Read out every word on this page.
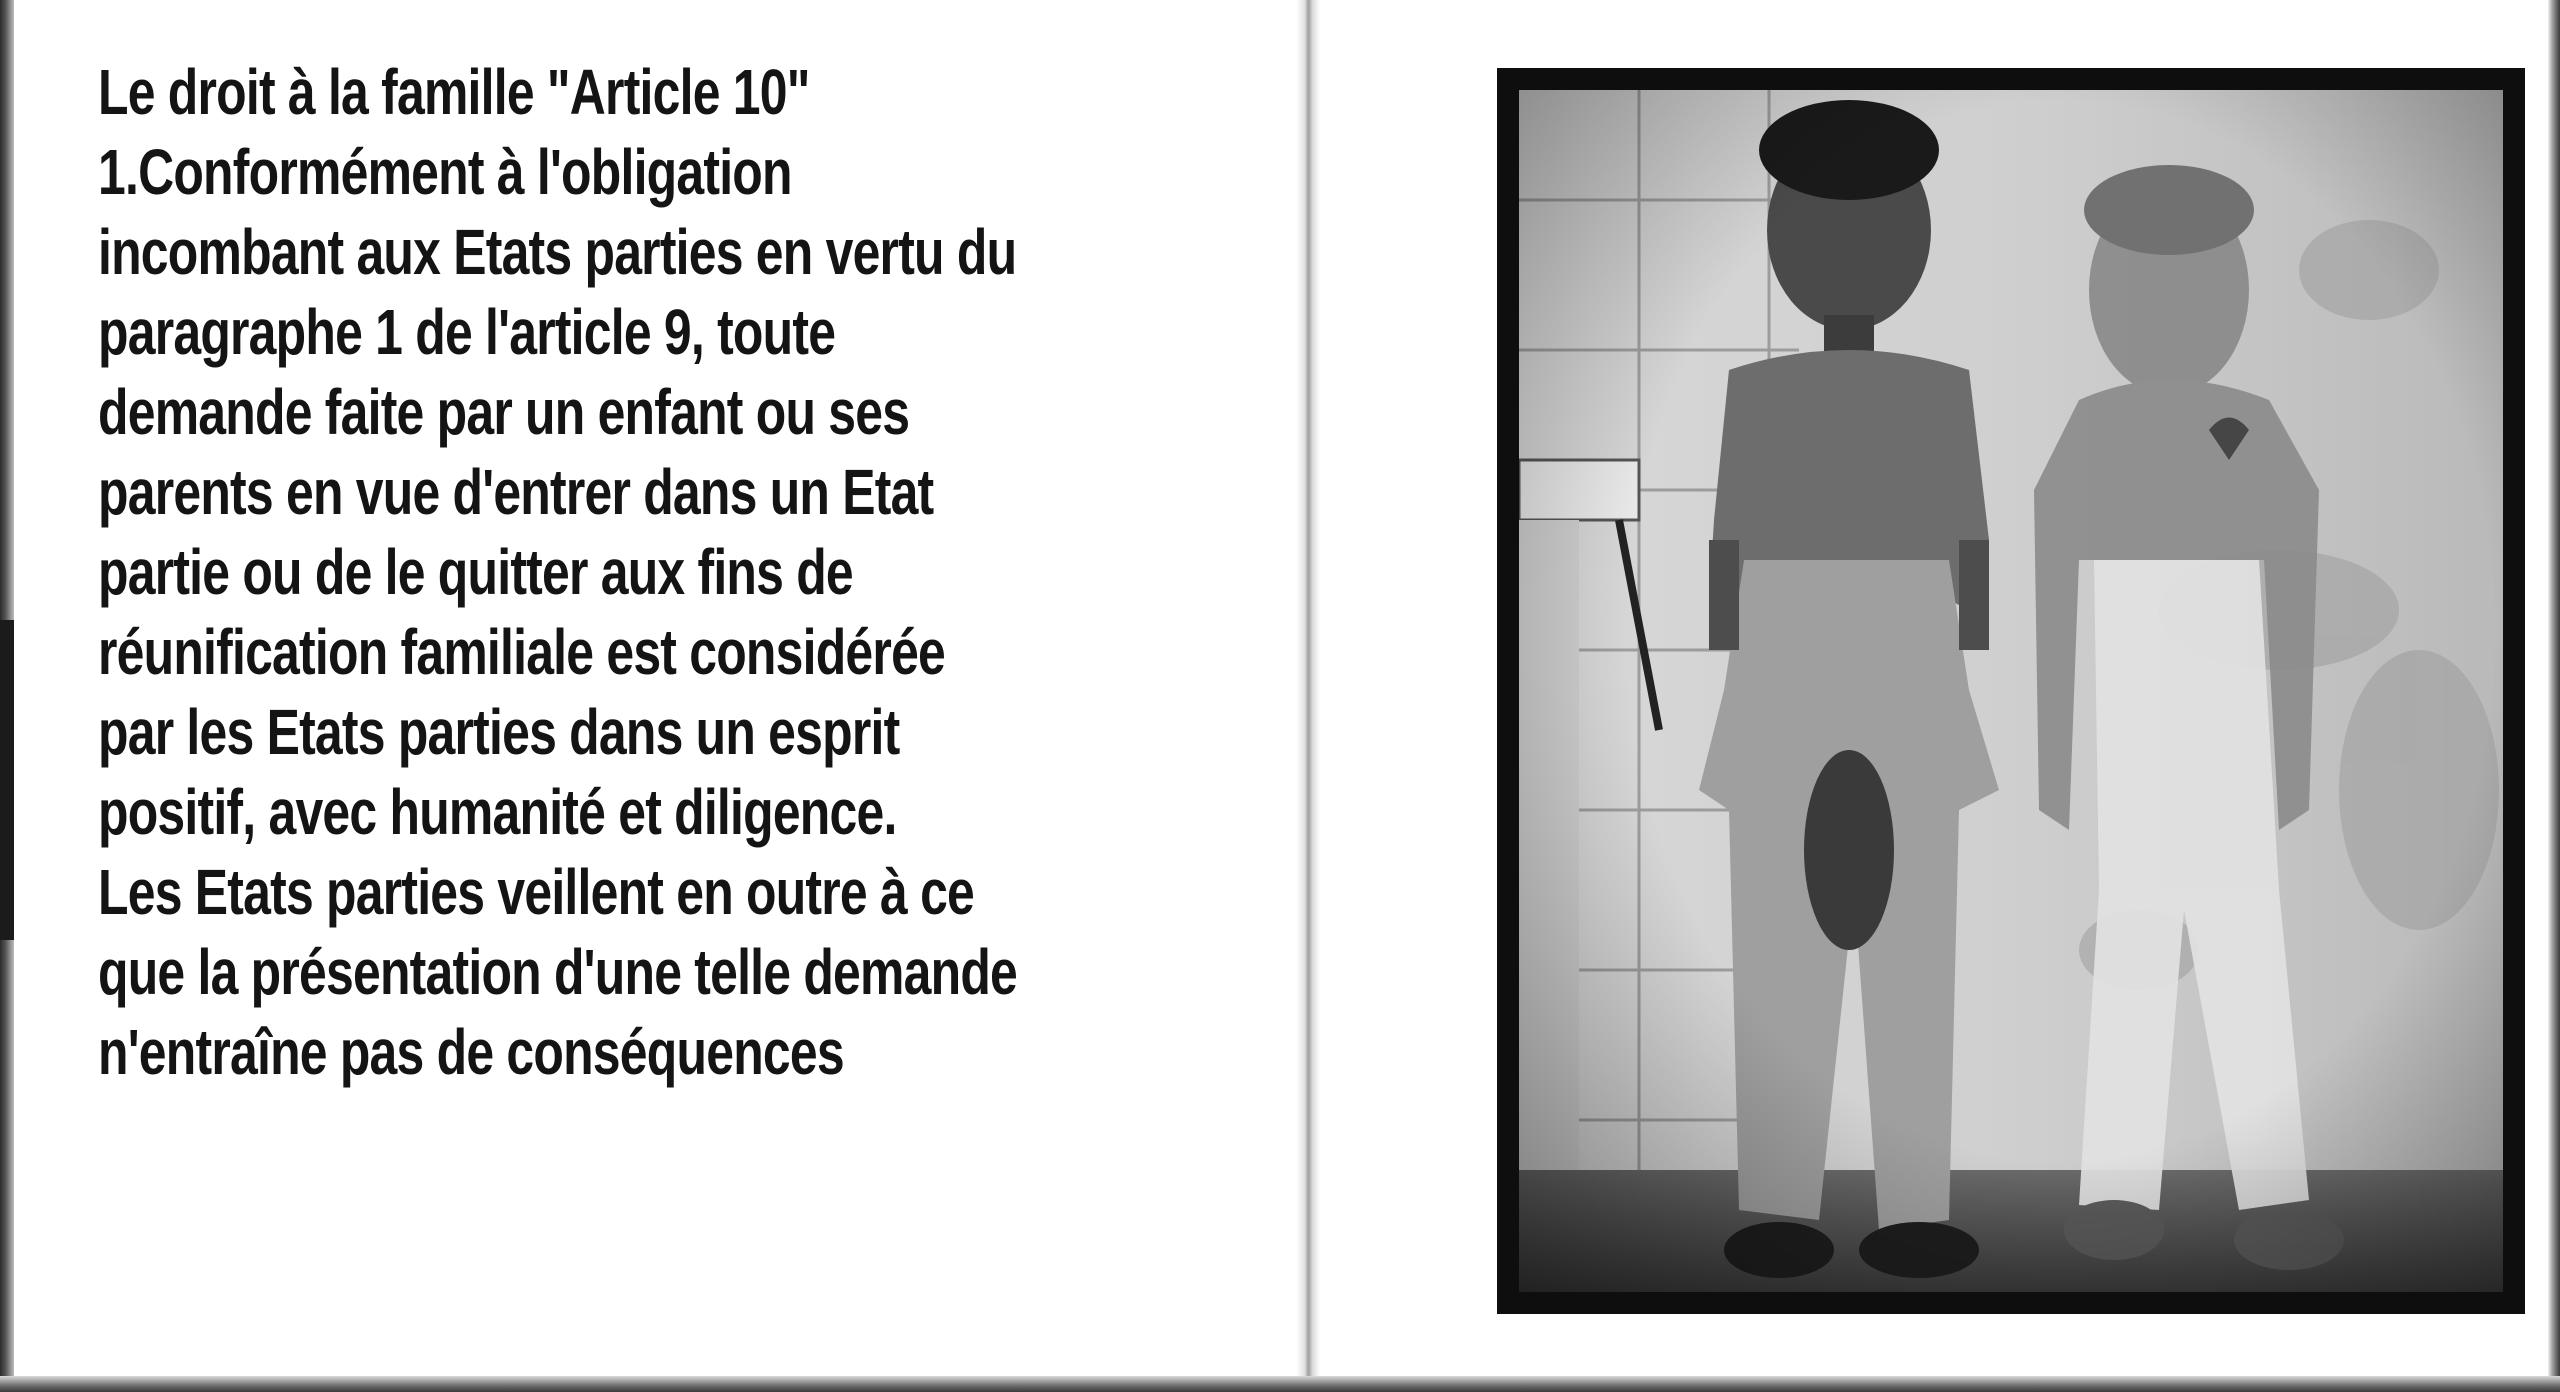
Le droit à la famille "Article 10"
1.Conformément à l'obligation
incombant aux Etats parties en vertu du
paragraphe 1 de l'article 9, toute
demande faite par un enfant ou ses
parents en vue d'entrer dans un Etat
partie ou de le quitter aux fins de
réunification familiale est considérée
par les Etats parties dans un esprit
positif, avec humanité et diligence.
Les Etats parties veillent en outre à ce
que la présentation d'une telle demande
n'entraîne pas de conséquences
